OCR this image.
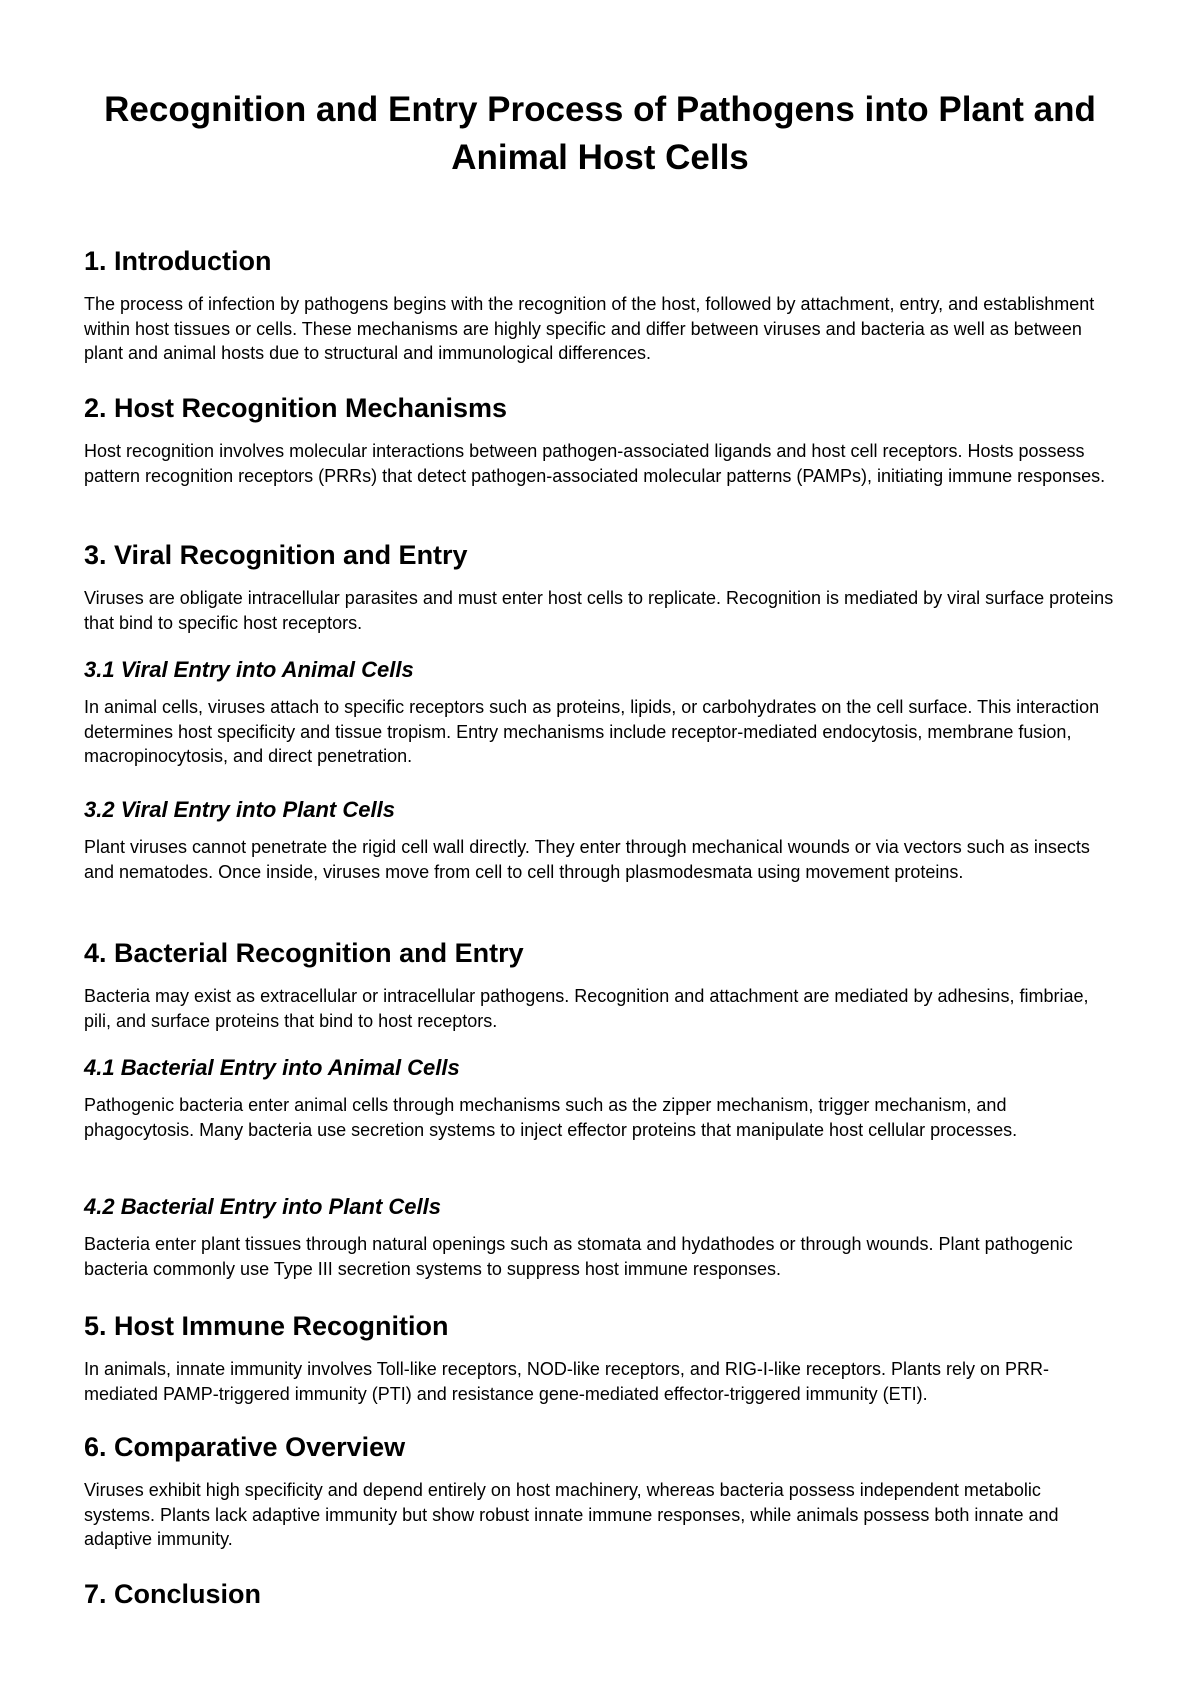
Recognition and Entry Process of Pathogens into Plant and Animal Host Cells
1. Introduction

The process of infection by pathogens begins with the recognition of the host, followed by attachment, entry, and establishment within host tissues or cells. These mechanisms are highly specific and differ between viruses and bacteria as well as between plant and animal hosts due to structural and immunological differences.

2. Host Recognition Mechanisms

Host recognition involves molecular interactions between pathogen-associated ligands and host cell receptors. Hosts possess pattern recognition receptors (PRRs) that detect pathogen-associated molecular patterns (PAMPs), initiating immune responses.

3. Viral Recognition and Entry

Viruses are obligate intracellular parasites and must enter host cells to replicate. Recognition is mediated by viral surface proteins that bind to specific host receptors.

3.1 Viral Entry into Animal Cells

In animal cells, viruses attach to specific receptors such as proteins, lipids, or carbohydrates on the cell surface. This interaction determines host specificity and tissue tropism. Entry mechanisms include receptor-mediated endocytosis, membrane fusion, macropinocytosis, and direct penetration.

3.2 Viral Entry into Plant Cells

Plant viruses cannot penetrate the rigid cell wall directly. They enter through mechanical wounds or via vectors such as insects and nematodes. Once inside, viruses move from cell to cell through plasmodesmata using movement proteins.

4. Bacterial Recognition and Entry

Bacteria may exist as extracellular or intracellular pathogens. Recognition and attachment are mediated by adhesins, fimbriae, pili, and surface proteins that bind to host receptors.

4.1 Bacterial Entry into Animal Cells

Pathogenic bacteria enter animal cells through mechanisms such as the zipper mechanism, trigger mechanism, and phagocytosis. Many bacteria use secretion systems to inject effector proteins that manipulate host cellular processes.

4.2 Bacterial Entry into Plant Cells

Bacteria enter plant tissues through natural openings such as stomata and hydathodes or through wounds. Plant pathogenic bacteria commonly use Type III secretion systems to suppress host immune responses.

5. Host Immune Recognition

In animals, innate immunity involves Toll-like receptors, NOD-like receptors, and RIG-I-like receptors. Plants rely on PRR-mediated PAMP-triggered immunity (PTI) and resistance gene-mediated effector-triggered immunity (ETI).

6. Comparative Overview

Viruses exhibit high specificity and depend entirely on host machinery, whereas bacteria possess independent metabolic systems. Plants lack adaptive immunity but show robust innate immune responses, while animals possess both innate and adaptive immunity.

7. Conclusion
